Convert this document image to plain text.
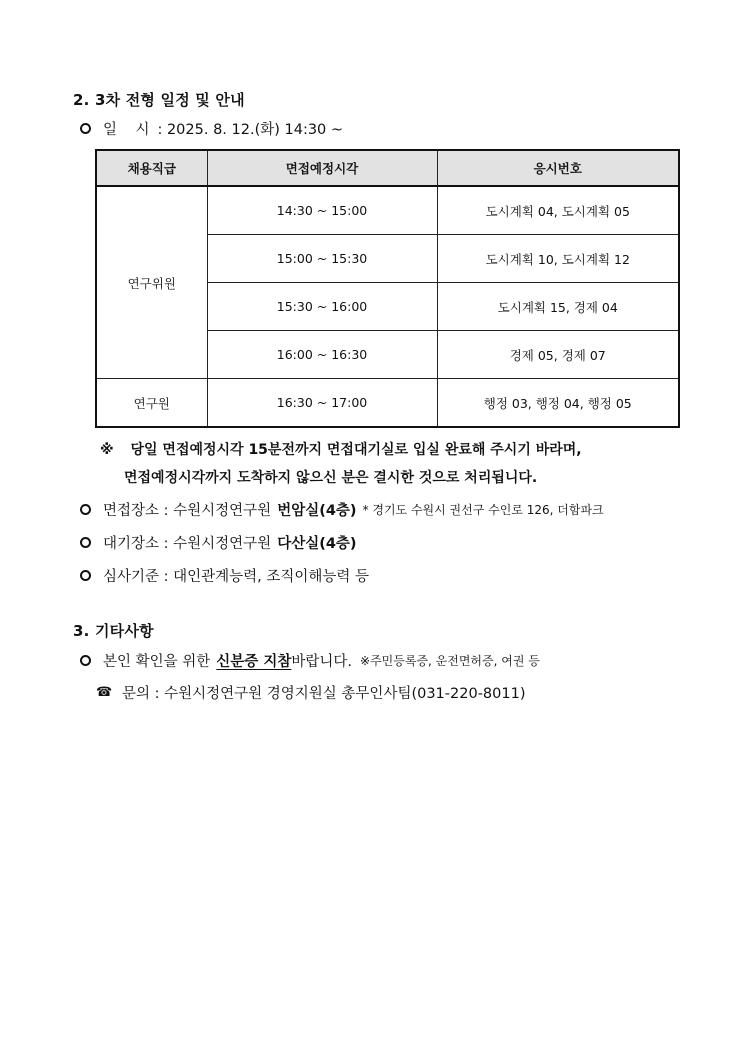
2. 3차 전형 일정 및 안내
일    시 : 2025. 8. 12.(화) 14:30 ~
채용직급	면접예정시각	응시번호
연구위원	14:30 ~ 15:00	도시계획 04, 도시계획 05
	15:00 ~ 15:30	도시계획 10, 도시계획 12
	15:30 ~ 16:00	도시계획 15, 경제 04
	16:00 ~ 16:30	경제 05, 경제 07
연구원	16:30 ~ 17:00	행정 03, 행정 04, 행정 05
※ 당일 면접예정시각 15분전까지 면접대기실로 입실 완료해 주시기 바라며,
면접예정시각까지 도착하지 않으신 분은 결시한 것으로 처리됩니다.
면접장소 : 수원시정연구원 번암실(4층) * 경기도 수원시 권선구 수인로 126, 더함파크
대기장소 : 수원시정연구원 다산실(4층)
심사기준 : 대인관계능력, 조직이해능력 등
3. 기타사항
본인 확인을 위한 신분증 지참 바랍니다. ※주민등록증, 운전면허증, 여권 등
☎ 문의 : 수원시정연구원 경영지원실 총무인사팀(031-220-8011)
